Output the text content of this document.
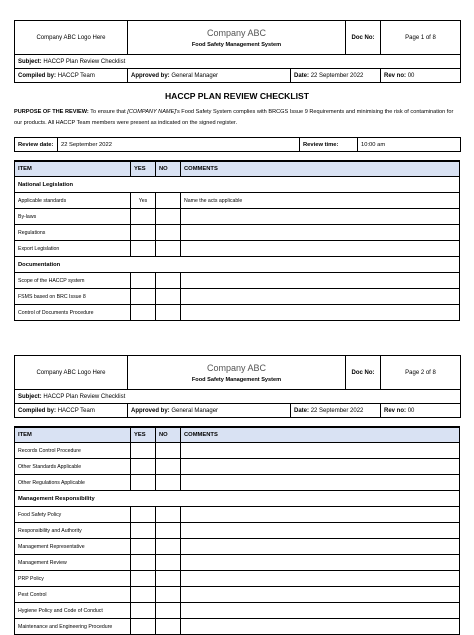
Company ABC Logo Here	Company ABC
Food Safety Management System		Doc No:	Page 1 of 8
Subject: HACCP Plan Review Checklist				
Compiled by: HACCP Team	Approved by: General Manager	Date: 22 September 2022		Rev no: 00
HACCP PLAN REVIEW CHECKLIST
PURPOSE OF THE REVIEW: To ensure that [COMPANY NAME]'s Food Safety System complies with BRCGS Issue 9 Requirements and minimising the risk of contamination for our products. All HACCP Team members were present as indicated on the signed register.
Review date:	22 September 2022	Review time:	10:00 am
ITEM	YES	NO	COMMENTS
National Legislation			
Applicable standards	Yes		Name the acts applicable
By-laws			
Regulations			
Export Legislation			
Documentation			
Scope of the HACCP system			
FSMS based on BRC Issue 8			
Control of Documents Procedure			
Company ABC Logo Here	Company ABC
Food Safety Management System		Doc No:	Page 2 of 8
Subject: HACCP Plan Review Checklist				
Compiled by: HACCP Team	Approved by: General Manager	Date: 22 September 2022		Rev no: 00
ITEM	YES	NO	COMMENTS
Records Control Procedure			
Other Standards Applicable			
Other Regulations Applicable			
Management Responsibility			
Food Safety Policy			
Responsibility and Authority			
Management Representative			
Management Review			
PRP Policy			
Pest Control			
Hygiene Policy and Code of Conduct			
Maintenance and Engineering Procedure			
